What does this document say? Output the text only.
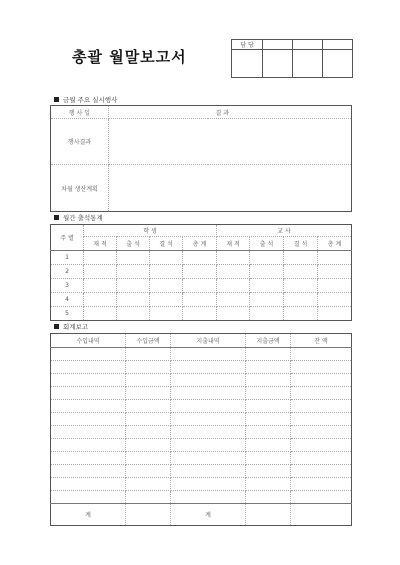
총괄 월말보고서
담 당			

금월 주요 실시행사
행 사 일		결 과
행사결과		
차월 생산계획		
월간 출석통계
주 별	학 생				교 사			
	재 적	출 석	결 석	총 계	재 적	출 석	결 석	총 계
1								
2								
3								
4								
5								
회계보고
수입내역	수입금액	지출내역	지출금액	잔 액

계		계		
